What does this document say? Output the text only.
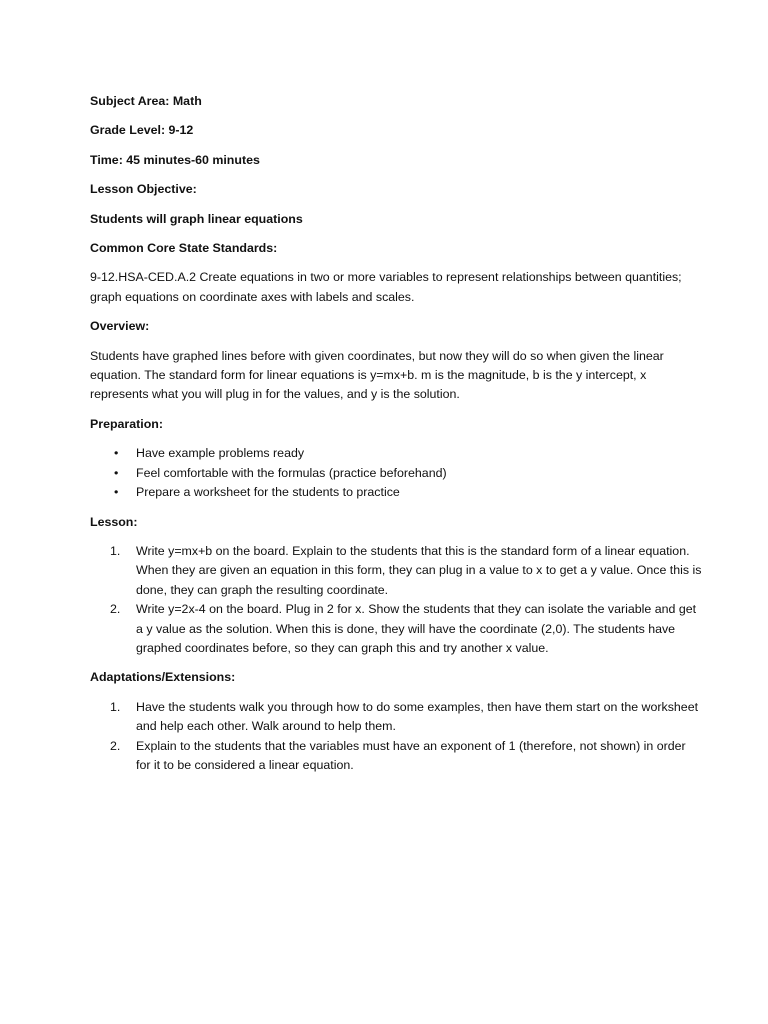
Subject Area: Math

Grade Level: 9-12

Time: 45 minutes-60 minutes

Lesson Objective:

Students will graph linear equations

Common Core State Standards:

9-12.HSA-CED.A.2 Create equations in two or more variables to represent relationships between quantities; graph equations on coordinate axes with labels and scales.

Overview:

Students have graphed lines before with given coordinates, but now they will do so when given the linear equation. The standard form for linear equations is y=mx+b. m is the magnitude, b is the y intercept, x represents what you will plug in for the values, and y is the solution.

Preparation:

• Have example problems ready
• Feel comfortable with the formulas (practice beforehand)
• Prepare a worksheet for the students to practice

Lesson:

1. Write y=mx+b on the board. Explain to the students that this is the standard form of a linear equation. When they are given an equation in this form, they can plug in a value to x to get a y value. Once this is done, they can graph the resulting coordinate.
2. Write y=2x-4 on the board. Plug in 2 for x. Show the students that they can isolate the variable and get a y value as the solution. When this is done, they will have the coordinate (2,0). The students have graphed coordinates before, so they can graph this and try another x value.

Adaptations/Extensions:

1. Have the students walk you through how to do some examples, then have them start on the worksheet and help each other. Walk around to help them.
2. Explain to the students that the variables must have an exponent of 1 (therefore, not shown) in order for it to be considered a linear equation.
